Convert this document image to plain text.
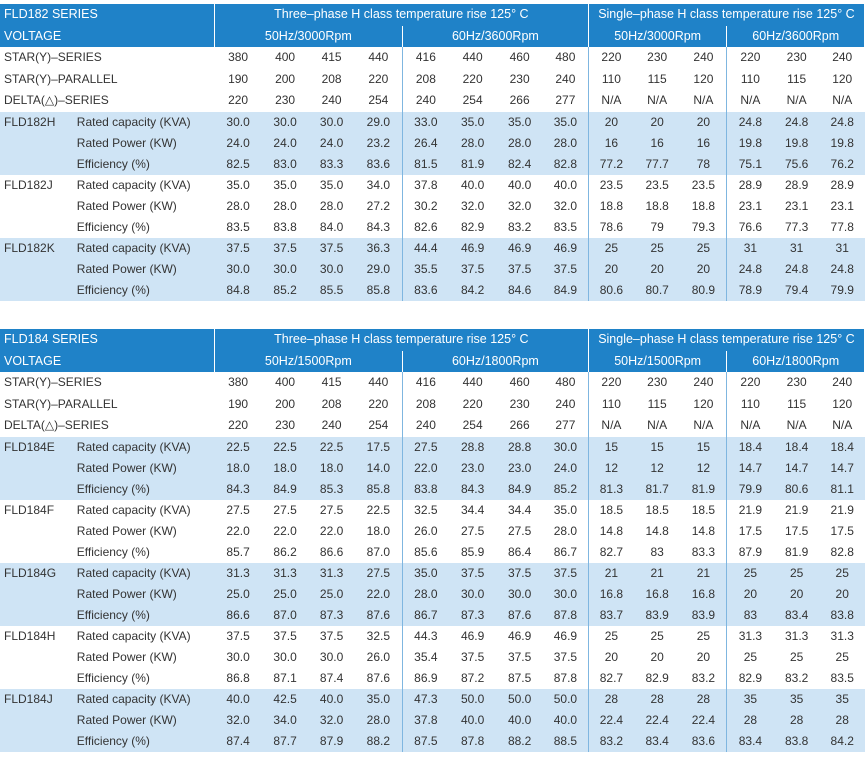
FLD182 SERIES		Three–phase H class temperature rise 125° C								Single–phase H class temperature rise 125° C					
VOLTAGE		50Hz/3000Rpm				60Hz/3600Rpm				50Hz/3000Rpm			60Hz/3600Rpm		
STAR(Y)–SERIES		380	400	415	440	416	440	460	480	220	230	240	220	230	240
STAR(Y)–PARALLEL		190	200	208	220	208	220	230	240	110	115	120	110	115	120
DELTA(△)–SERIES		220	230	240	254	240	254	266	277	N/A	N/A	N/A	N/A	N/A	N/A
FLD182H	Rated capacity (KVA)	30.0	30.0	30.0	29.0	33.0	35.0	35.0	35.0	20	20	20	24.8	24.8	24.8
	Rated Power (KW)	24.0	24.0	24.0	23.2	26.4	28.0	28.0	28.0	16	16	16	19.8	19.8	19.8
	Efficiency (%)	82.5	83.0	83.3	83.6	81.5	81.9	82.4	82.8	77.2	77.7	78	75.1	75.6	76.2
FLD182J	Rated capacity (KVA)	35.0	35.0	35.0	34.0	37.8	40.0	40.0	40.0	23.5	23.5	23.5	28.9	28.9	28.9
	Rated Power (KW)	28.0	28.0	28.0	27.2	30.2	32.0	32.0	32.0	18.8	18.8	18.8	23.1	23.1	23.1
	Efficiency (%)	83.5	83.8	84.0	84.3	82.6	82.9	83.2	83.5	78.6	79	79.3	76.6	77.3	77.8
FLD182K	Rated capacity (KVA)	37.5	37.5	37.5	36.3	44.4	46.9	46.9	46.9	25	25	25	31	31	31
	Rated Power (KW)	30.0	30.0	30.0	29.0	35.5	37.5	37.5	37.5	20	20	20	24.8	24.8	24.8
	Efficiency (%)	84.8	85.2	85.5	85.8	83.6	84.2	84.6	84.9	80.6	80.7	80.9	78.9	79.4	79.9
FLD184 SERIES		Three–phase H class temperature rise 125° C								Single–phase H class temperature rise 125° C					
VOLTAGE		50Hz/1500Rpm				60Hz/1800Rpm				50Hz/1500Rpm			60Hz/1800Rpm		
STAR(Y)–SERIES		380	400	415	440	416	440	460	480	220	230	240	220	230	240
STAR(Y)–PARALLEL		190	200	208	220	208	220	230	240	110	115	120	110	115	120
DELTA(△)–SERIES		220	230	240	254	240	254	266	277	N/A	N/A	N/A	N/A	N/A	N/A
FLD184E	Rated capacity (KVA)	22.5	22.5	22.5	17.5	27.5	28.8	28.8	30.0	15	15	15	18.4	18.4	18.4
	Rated Power (KW)	18.0	18.0	18.0	14.0	22.0	23.0	23.0	24.0	12	12	12	14.7	14.7	14.7
	Efficiency (%)	84.3	84.9	85.3	85.8	83.8	84.3	84.9	85.2	81.3	81.7	81.9	79.9	80.6	81.1
FLD184F	Rated capacity (KVA)	27.5	27.5	27.5	22.5	32.5	34.4	34.4	35.0	18.5	18.5	18.5	21.9	21.9	21.9
	Rated Power (KW)	22.0	22.0	22.0	18.0	26.0	27.5	27.5	28.0	14.8	14.8	14.8	17.5	17.5	17.5
	Efficiency (%)	85.7	86.2	86.6	87.0	85.6	85.9	86.4	86.7	82.7	83	83.3	87.9	81.9	82.8
FLD184G	Rated capacity (KVA)	31.3	31.3	31.3	27.5	35.0	37.5	37.5	37.5	21	21	21	25	25	25
	Rated Power (KW)	25.0	25.0	25.0	22.0	28.0	30.0	30.0	30.0	16.8	16.8	16.8	20	20	20
	Efficiency (%)	86.6	87.0	87.3	87.6	86.7	87.3	87.6	87.8	83.7	83.9	83.9	83	83.4	83.8
FLD184H	Rated capacity (KVA)	37.5	37.5	37.5	32.5	44.3	46.9	46.9	46.9	25	25	25	31.3	31.3	31.3
	Rated Power (KW)	30.0	30.0	30.0	26.0	35.4	37.5	37.5	37.5	20	20	20	25	25	25
	Efficiency (%)	86.8	87.1	87.4	87.6	86.9	87.2	87.5	87.8	82.7	82.9	83.2	82.9	83.2	83.5
FLD184J	Rated capacity (KVA)	40.0	42.5	40.0	35.0	47.3	50.0	50.0	50.0	28	28	28	35	35	35
	Rated Power (KW)	32.0	34.0	32.0	28.0	37.8	40.0	40.0	40.0	22.4	22.4	22.4	28	28	28
	Efficiency (%)	87.4	87.7	87.9	88.2	87.5	87.8	88.2	88.5	83.2	83.4	83.6	83.4	83.8	84.2
